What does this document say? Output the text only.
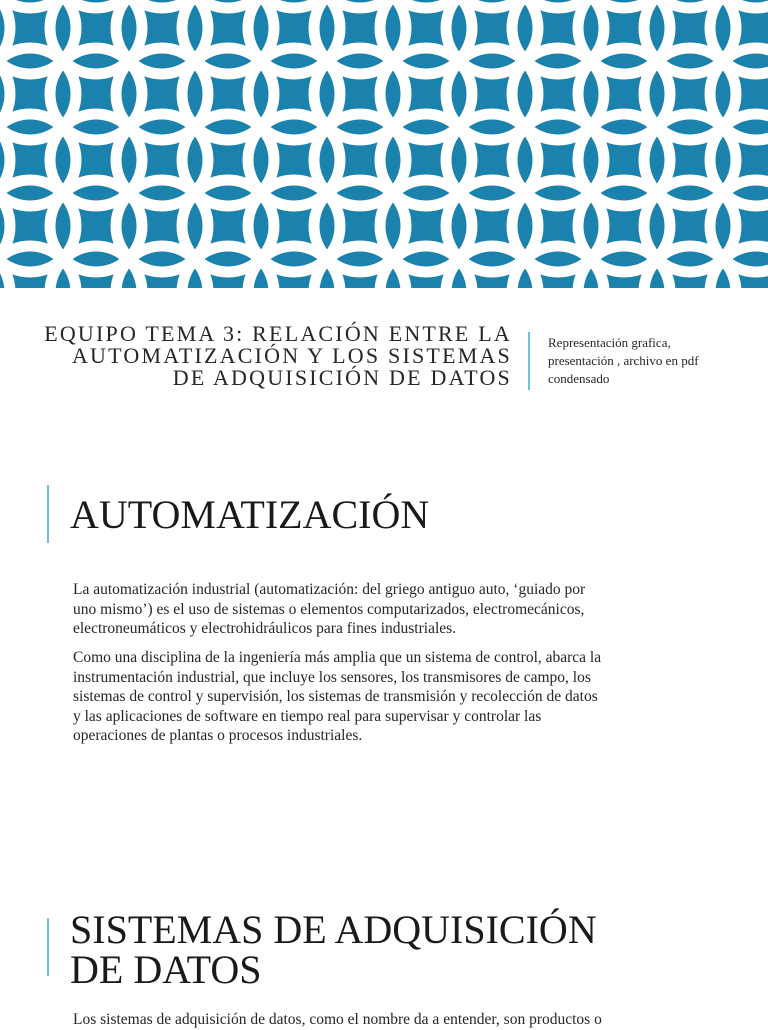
EQUIPO TEMA 3: RELACIÓN ENTRE LA
AUTOMATIZACIÓN Y LOS SISTEMAS
DE ADQUISICIÓN DE DATOS
Representación grafica,
presentación , archivo en pdf
condensado
AUTOMATIZACIÓN
La automatización industrial (automatización: del griego antiguo auto, ‘guiado por
uno mismo’) es el uso de sistemas o elementos computarizados, electromecánicos,
electroneumáticos y electrohidráulicos para fines industriales.
Como una disciplina de la ingeniería más amplia que un sistema de control, abarca la
instrumentación industrial, que incluye los sensores, los transmisores de campo, los
sistemas de control y supervisión, los sistemas de transmisión y recolección de datos
y las aplicaciones de software en tiempo real para supervisar y controlar las
operaciones de plantas o procesos industriales.
SISTEMAS DE ADQUISICIÓN
DE DATOS
Los sistemas de adquisición de datos, como el nombre da a entender, son productos o
